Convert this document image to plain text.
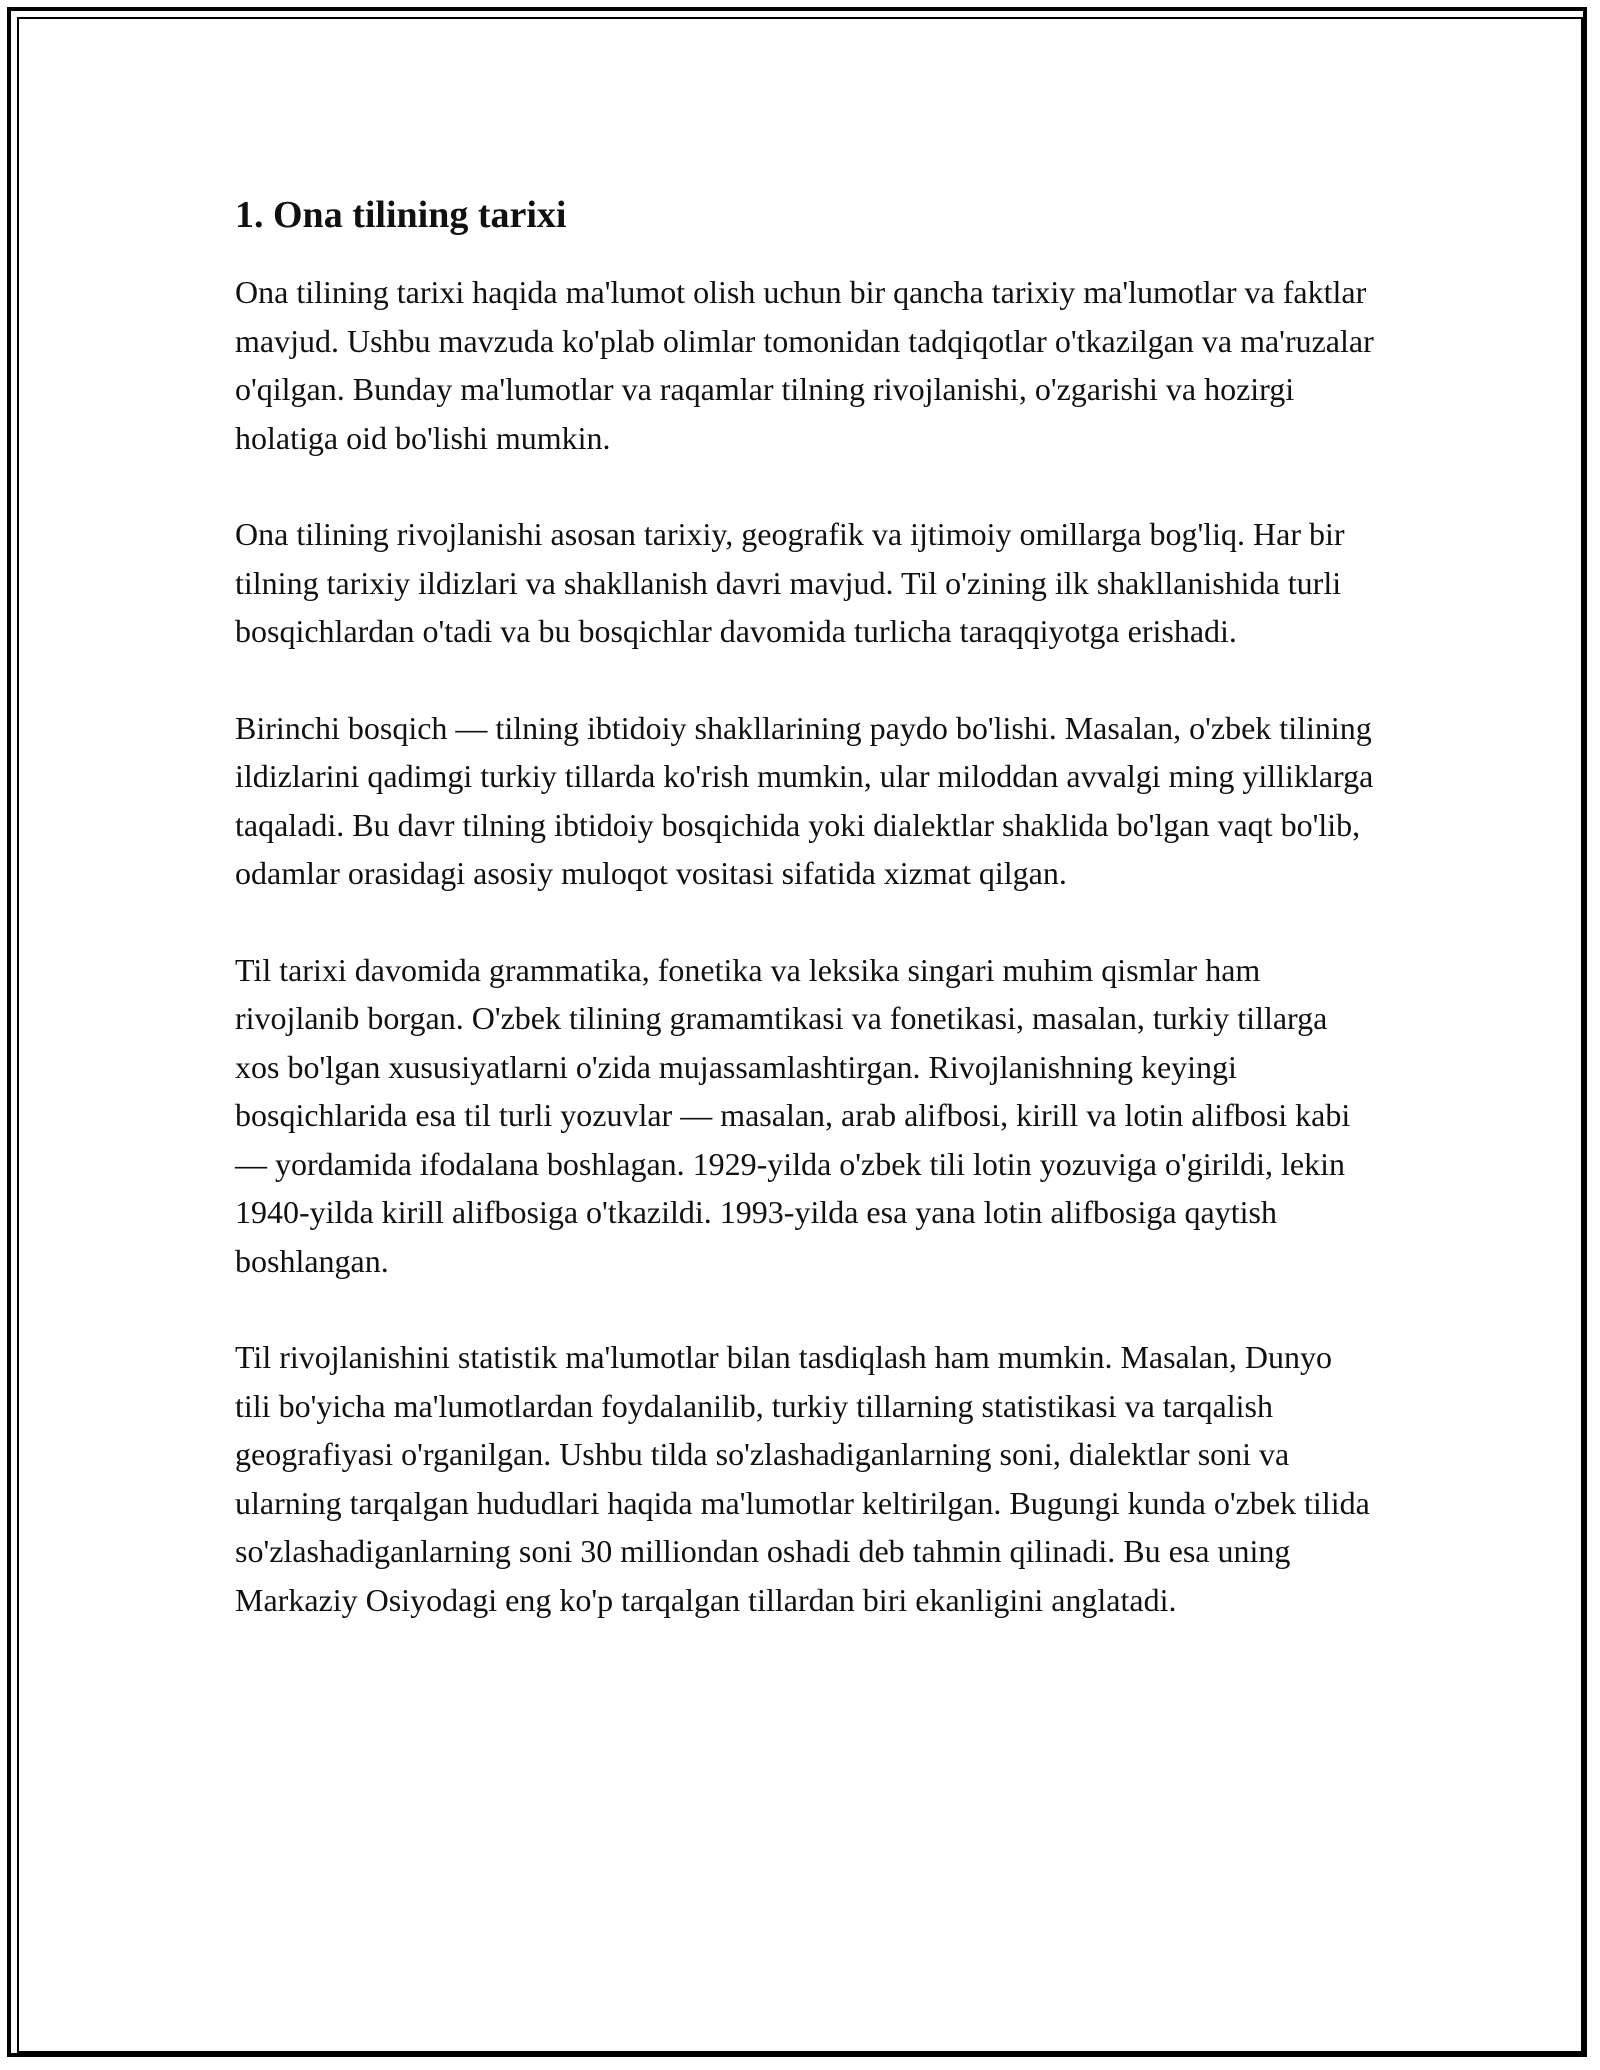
1. Ona tilining tarixi

Ona tilining tarixi haqida ma'lumot olish uchun bir qancha tarixiy ma'lumotlar va faktlar mavjud. Ushbu mavzuda ko'plab olimlar tomonidan tadqiqotlar o'tkazilgan va ma'ruzalar o'qilgan. Bunday ma'lumotlar va raqamlar tilning rivojlanishi, o'zgarishi va hozirgi holatiga oid bo'lishi mumkin.

Ona tilining rivojlanishi asosan tarixiy, geografik va ijtimoiy omillarga bog'liq. Har bir tilning tarixiy ildizlari va shakllanish davri mavjud. Til o'zining ilk shakllanishida turli bosqichlardan o'tadi va bu bosqichlar davomida turlicha taraqqiyotga erishadi.

Birinchi bosqich — tilning ibtidoiy shakllarining paydo bo'lishi. Masalan, o'zbek tilining ildizlarini qadimgi turkiy tillarda ko'rish mumkin, ular miloddan avvalgi ming yilliklarga taqaladi. Bu davr tilning ibtidoiy bosqichida yoki dialektlar shaklida bo'lgan vaqt bo'lib, odamlar orasidagi asosiy muloqot vositasi sifatida xizmat qilgan.

Til tarixi davomida grammatika, fonetika va leksika singari muhim qismlar ham rivojlanib borgan. O'zbek tilining gramamtikasi va fonetikasi, masalan, turkiy tillarga xos bo'lgan xususiyatlarni o'zida mujassamlashtirgan. Rivojlanishning keyingi bosqichlarida esa til turli yozuvlar — masalan, arab alifbosi, kirill va lotin alifbosi kabi — yordamida ifodalana boshlagan. 1929-yilda o'zbek tili lotin yozuviga o'girildi, lekin 1940-yilda kirill alifbosiga o'tkazildi. 1993-yilda esa yana lotin alifbosiga qaytish boshlangan.

Til rivojlanishini statistik ma'lumotlar bilan tasdiqlash ham mumkin. Masalan, Dunyo tili bo'yicha ma'lumotlardan foydalanilib, turkiy tillarning statistikasi va tarqalish geografiyasi o'rganilgan. Ushbu tilda so'zlashadiganlarning soni, dialektlar soni va ularning tarqalgan hududlari haqida ma'lumotlar keltirilgan. Bugungi kunda o'zbek tilida so'zlashadiganlarning soni 30 milliondan oshadi deb tahmin qilinadi. Bu esa uning Markaziy Osiyodagi eng ko'p tarqalgan tillardan biri ekanligini anglatadi.
